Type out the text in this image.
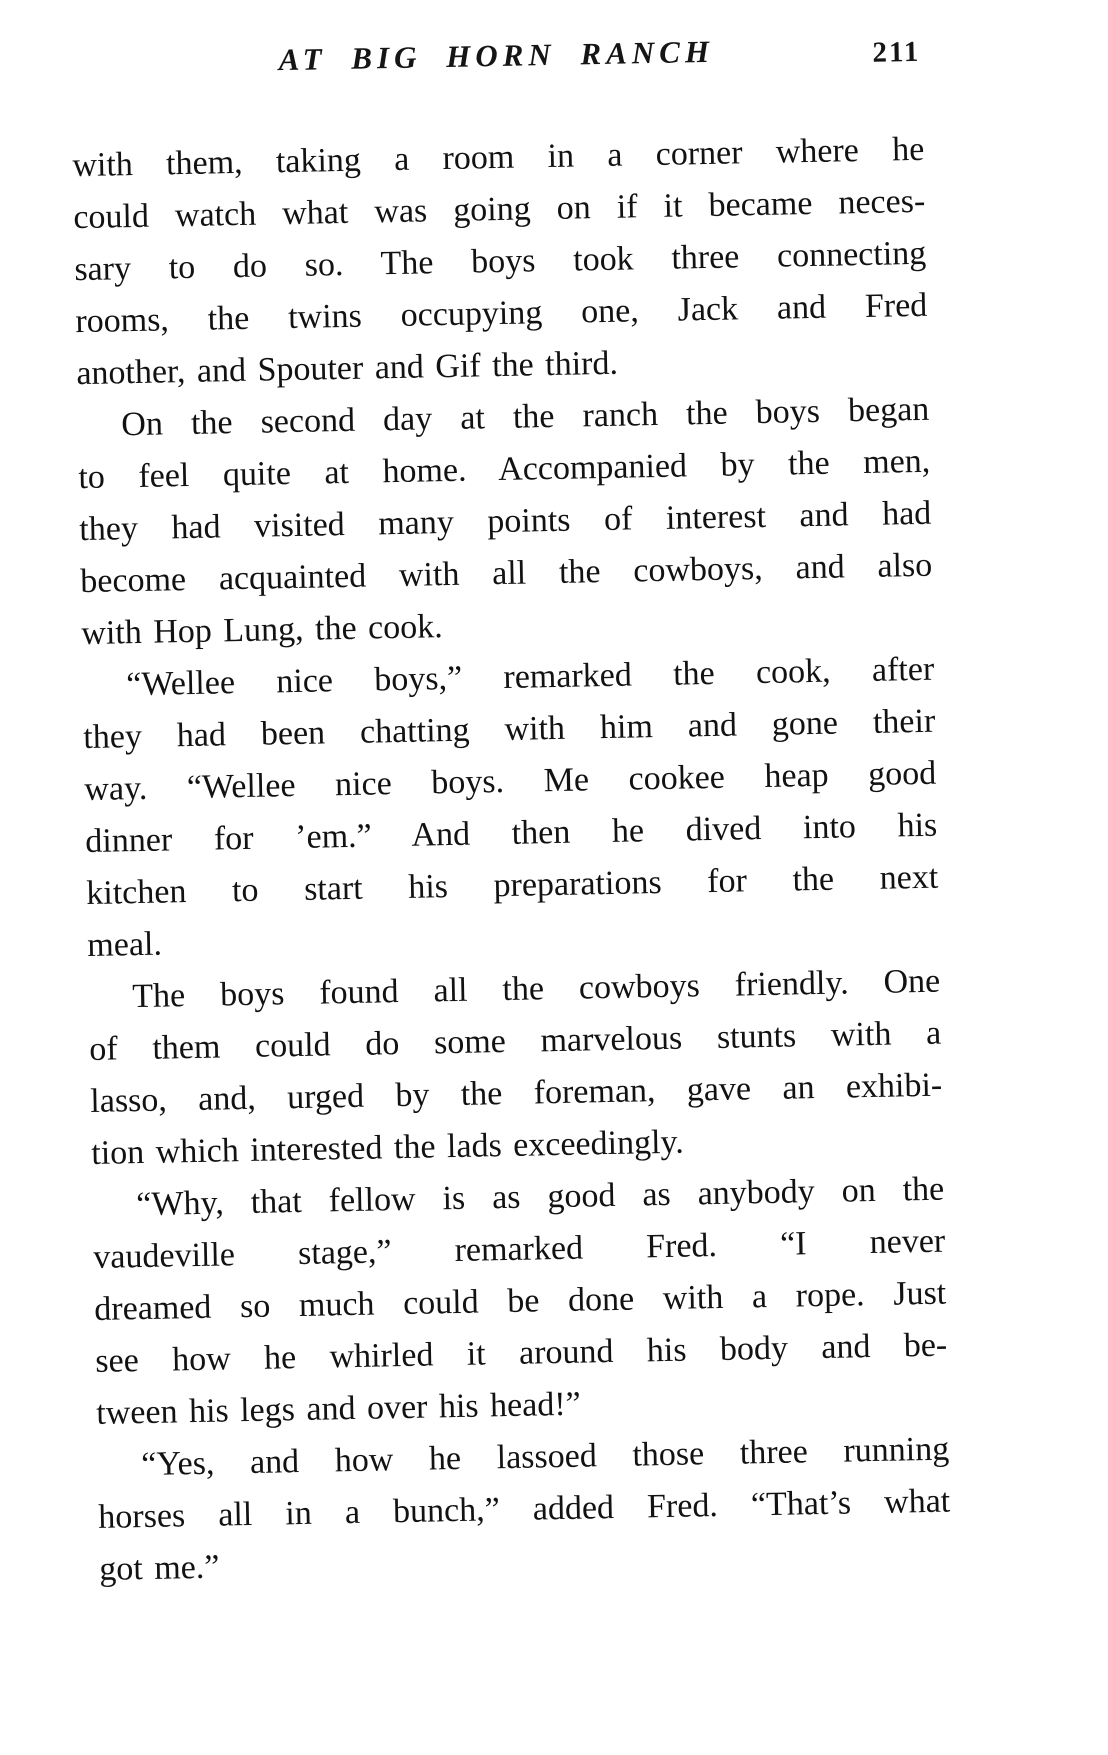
AT BIG HORN RANCH	211
with them, taking a room in a corner where he
could watch what was going on if it became neces-
sary to do so. The boys took three connecting
rooms, the twins occupying one, Jack and Fred
another, and Spouter and Gif the third.
On the second day at the ranch the boys began
to feel quite at home. Accompanied by the men,
they had visited many points of interest and had
become acquainted with all the cowboys, and also
with Hop Lung, the cook.
“Wellee nice boys,” remarked the cook, after
they had been chatting with him and gone their
way. “Wellee nice boys. Me cookee heap good
dinner for ’em.” And then he dived into his
kitchen to start his preparations for the next
meal.
The boys found all the cowboys friendly. One
of them could do some marvelous stunts with a
lasso, and, urged by the foreman, gave an exhibi-
tion which interested the lads exceedingly.
“Why, that fellow is as good as anybody on the
vaudeville stage,” remarked Fred. “I never
dreamed so much could be done with a rope. Just
see how he whirled it around his body and be-
tween his legs and over his head!”
“Yes, and how he lassoed those three running
horses all in a bunch,” added Fred. “That’s what
got me.”
